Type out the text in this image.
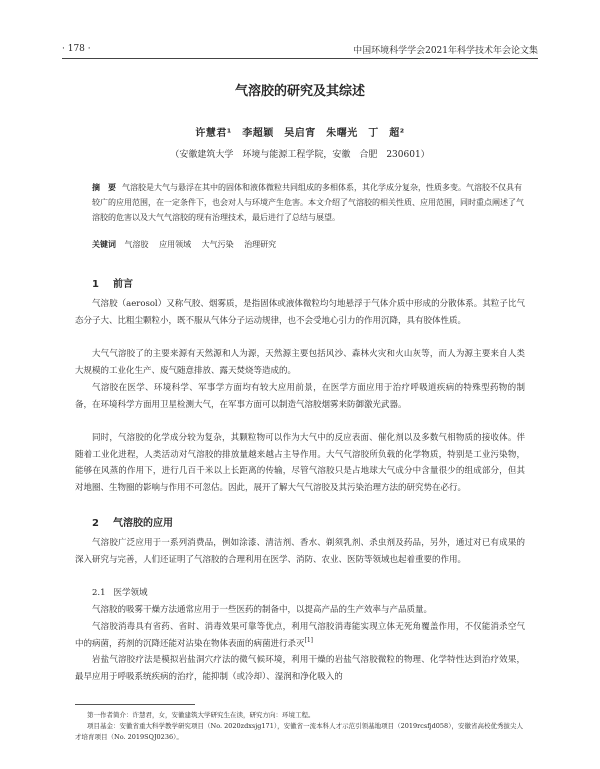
· 178 ·	中国环境科学学会2021年科学技术年会论文集
气溶胶的研究及其综述
许慧君¹　李超颖　吴启宵　朱曙光　丁　超²
（安徽建筑大学　环境与能源工程学院，安徽　合肥　230601）
摘　要 气溶胶是大气与悬浮在其中的固体和液体微粒共同组成的多相体系，其化学成分复杂，性质多变。气溶胶不仅具有较广的应用范围，在一定条件下，也会对人与环境产生危害。本文介绍了气溶胶的相关性质、应用范围，同时重点阐述了气溶胶的危害以及大气气溶胶的现有治理技术，最后进行了总结与展望。
关键词 气溶胶 应用领域 大气污染 治理研究
1 前言

气溶胶（aerosol）又称气胶、烟雾质，是指固体或液体微粒均匀地悬浮于气体介质中形成的分散体系。其粒子比气态分子大、比粗尘颗粒小，既不服从气体分子运动规律，也不会受地心引力的作用沉降，具有胶体性质。

大气气溶胶了的主要来源有天然源和人为源，天然源主要包括风沙、森林火灾和火山灰等，而人为源主要来自人类大规模的工业化生产、废气随意排放、露天焚烧等造成的。

气溶胶在医学、环境科学、军事学方面均有较大应用前景，在医学方面应用于治疗呼吸道疾病的特殊型药物的制备，在环境科学方面用卫星检测大气，在军事方面可以制造气溶胶烟雾来防御激光武器。

同时，气溶胶的化学成分较为复杂，其颗粒物可以作为大气中的反应表面、催化剂以及多数气相物质的接收体。伴随着工业化进程，人类活动对气溶胶的排放量越来越占主导作用。大气气溶胶所负载的化学物质，特别是工业污染物，能够在风蒸的作用下，进行几百千米以上长距离的传输，尽管气溶胶只是占地球大气成分中含量很少的组成部分，但其对地圈、生物圈的影响与作用不可忽估。因此，展开了解大气气溶胶及其污染治理方法的研究势在必行。

2 气溶胶的应用

气溶胶广泛应用于一系列消费品，例如涂漆、清洁剂、香水、剃须乳剂、杀虫剂及药品，另外，通过对已有成果的深入研究与完善，人们还证明了气溶胶的合理利用在医学、消防、农业、医防等领域也起着重要的作用。

2.1 医学领域

气溶胶的吸雾干燥方法通常应用于一些医药的制备中，以提高产品的生产效率与产品质量。

气溶胶消毒具有省药、省时、消毒效果可靠等优点，利用气溶胶消毒能实现立体无死角覆盖作用，不仅能消杀空气中的病菌，药剂的沉降还能对沾染在物体表面的病菌进行杀灭[1]

岩盐气溶胶疗法是模拟岩盐洞穴疗法的微气候环境，利用干燥的岩盐气溶胶微粒的物理、化学特性达到治疗效果，最早应用于呼吸系统疾病的治疗，能抑制（或冷却）、湿润和净化吸入的

第一作者简介：许慧君，女，安徽建筑大学研究生在读，研究方向：环境工程。
项目基金：安徽省重大科学教学研究项目（No. 2020zdxsjg171），安徽省一流本科人才示范引领基地项目（2019rcsfjd058），安徽省高校优秀拔尖人才培育项目（No. 2019SQJ0236）。
